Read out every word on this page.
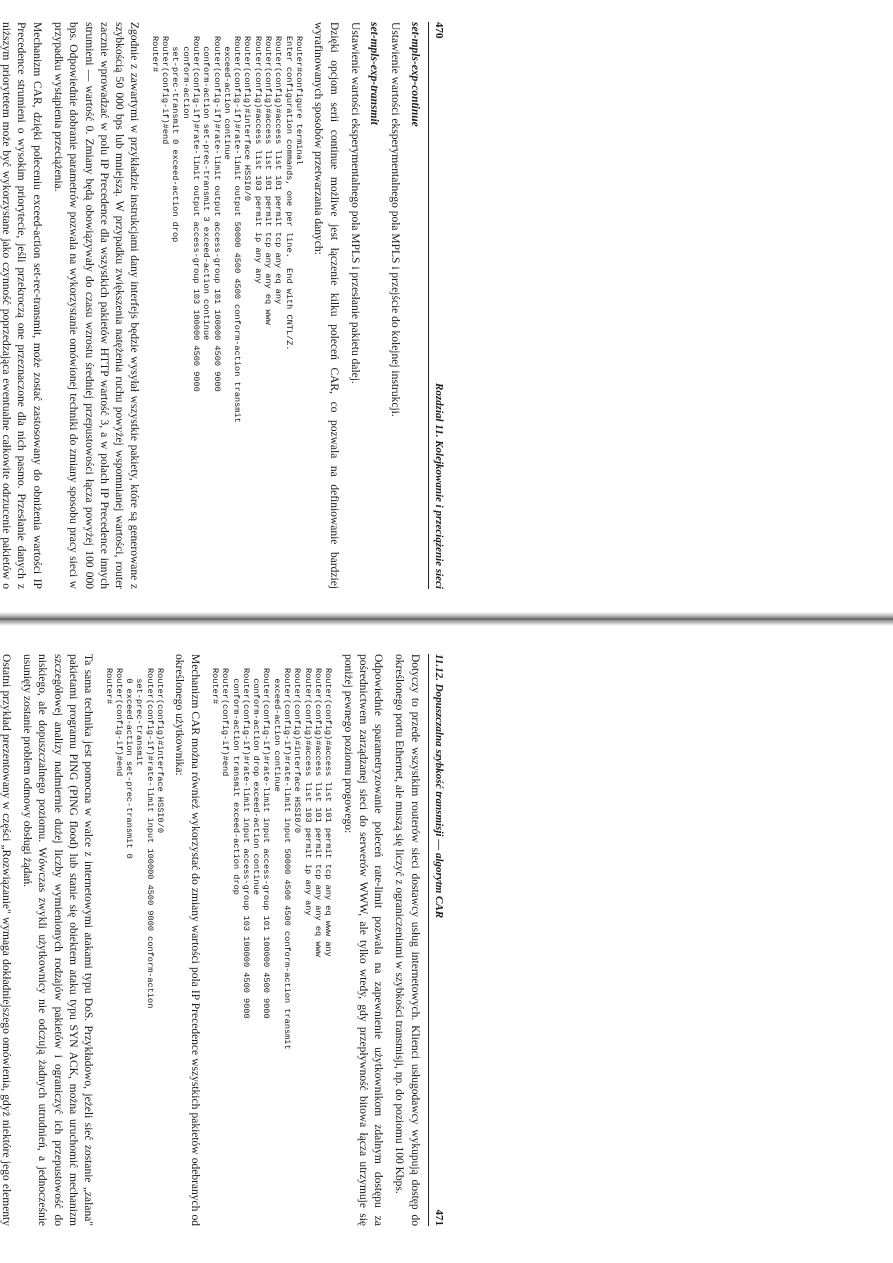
470
Rozdział 11. Kolejkowanie i przeciążenie sieci
set-mpls-exp-continue

Ustawienie wartości eksperymentalnego pola MPLS i przejście do kolejnej instrukcji.

set-mpls-exp-transmit

Ustawienie wartości eksperymentalnego pola MPLS i przesłanie pakietu dalej.

Dzięki opcjom serii continue możliwe jest łączenie kilku poleceń CAR, co pozwala na definiowanie bardziej wyrafinowanych sposobów przetwarzania danych:

Router#configure terminal
Enter configuration commands, one per line.  End with CNTL/Z.
Router(config)#access list 101 permit tcp any eq any
Router(config)#access list 101 permit tcp any any eq www
Router(config)#access list 103 permit ip any any
Router(config)#interface HSSI0/0
Router(config-if)#rate-limit output 50000 4500 4500 conform-action transmit
exceed-action continue
Router(config-if)#rate-limit output access-group 101 100000 4500 9000
conform-action set-prec-transmit 3 exceed-action continue
Router(config-if)#rate-limit output access-group 103 100000 4500 9000
conform-action
set-prec-transmit 0 exceed-action drop
Router(config-if)#end
Router#

Zgodnie z zawartymi w przykładzie instrukcjami dany interfejs będzie wysyłał wszystkie pakiety, które są generowane z szybkością 50 000 bps lub mniejszą. W przypadku zwiększenia natężenia ruchu powyżej wspomnianej wartości, router zacznie wprowadzać w polu IP Precedence dla wszystkich pakietów HTTP wartość 3, a w polach IP Precedence innych strumieni — wartość 0. Zmiany będą obowiązywały do czasu wzrostu średniej przepustowości łącza powyżej 100 000 bps. Odpowiednie dobranie parametrów pozwala na wykorzystanie omówionej techniki do zmiany sposobu pracy sieci w przypadku wystąpienia przeciążenia.

Mechanizm CAR, dzięki poleceniu exceed-action set-rec-transmit, może zostać zastosowany do obniżenia wartości IP Precedence strumieni o wysokim priorytecie, jeśli przekroczą one przeznaczone dla nich pasmo. Przesłanie danych z niższym priorytetem może być wykorzystane jako czynność poprzedzająca ewentualne całkowite odrzucenie pakietów o

11.12. Dopuszczalna szybkość transmisji — algorytm CAR
471

Dotyczy to przede wszystkim routerów sieci dostawcy usług internetowych. Klienci usługodawcy wykupują dostęp do określonego portu Ethernet, ale muszą się liczyć z ograniczeniami w szybkości transmisji, np. do poziomu 100 Kbps.

Odpowiednie sparametryzowanie poleceń rate-limit pozwala na zapewnienie użytkownikom zdalnym dostępu za pośrednictwem zarządzanej sieci do serwerów WWW, ale tylko wtedy, gdy przepływność bitowa łącza utrzymuje się poniżej pewnego poziomu progowego:

Router(config)#access list 101 permit tcp any eq www any
Router(config)#access list 101 permit tcp any any eq www
Router(config)#access list 103 permit ip any any
Router(config)#interface HSSI0/0
Router(config-if)#rate-limit input 50000 4500 4500 conform-action transmit
exceed-action continue
Router(config-if)#rate-limit input access-group 101 100000 4500 9000
conform-action drop exceed-action continue
Router(config-if)#rate-limit input access-group 103 100000 4500 9000
conform-action transmit exceed-action drop
Router(config-if)#end
Router#

Mechanizm CAR można również wykorzystać do zmiany wartości pola IP Precedence wszystkich pakietów odebranych od określonego użytkownika:

Router(config)#interface HSSI0/0
Router(config-if)#rate-limit input 100000 4500 9000 conform-action
set-prec-transmit
0 exceed-action set-prec-transmit 0
Router(config-if)#end
Router#

Ta sama technika jest pomocna w walce z internetowymi atakami typu DoS. Przykładowo, jeżeli sieć zostanie „zalana" pakietami programu PING (PING flood) lub stanie się obiektem ataku typu SYN ACK, można uruchomić mechanizm szczegółowej analizy nadmiernie dużej liczby wymienionych rodzajów pakietów i ograniczyć ich przepustowość do niskiego, ale dopuszczalnego poziomu. Wówczas zwykli użytkownicy nie odczują żadnych utrudnień, a jednocześnie usunięty zostanie problem odmowy obsługi żądań.

Ostatni przykład prezentowany w części „Rozwiązanie" wymaga dokładniejszego omówienia, gdyż niektóre jego elementy
